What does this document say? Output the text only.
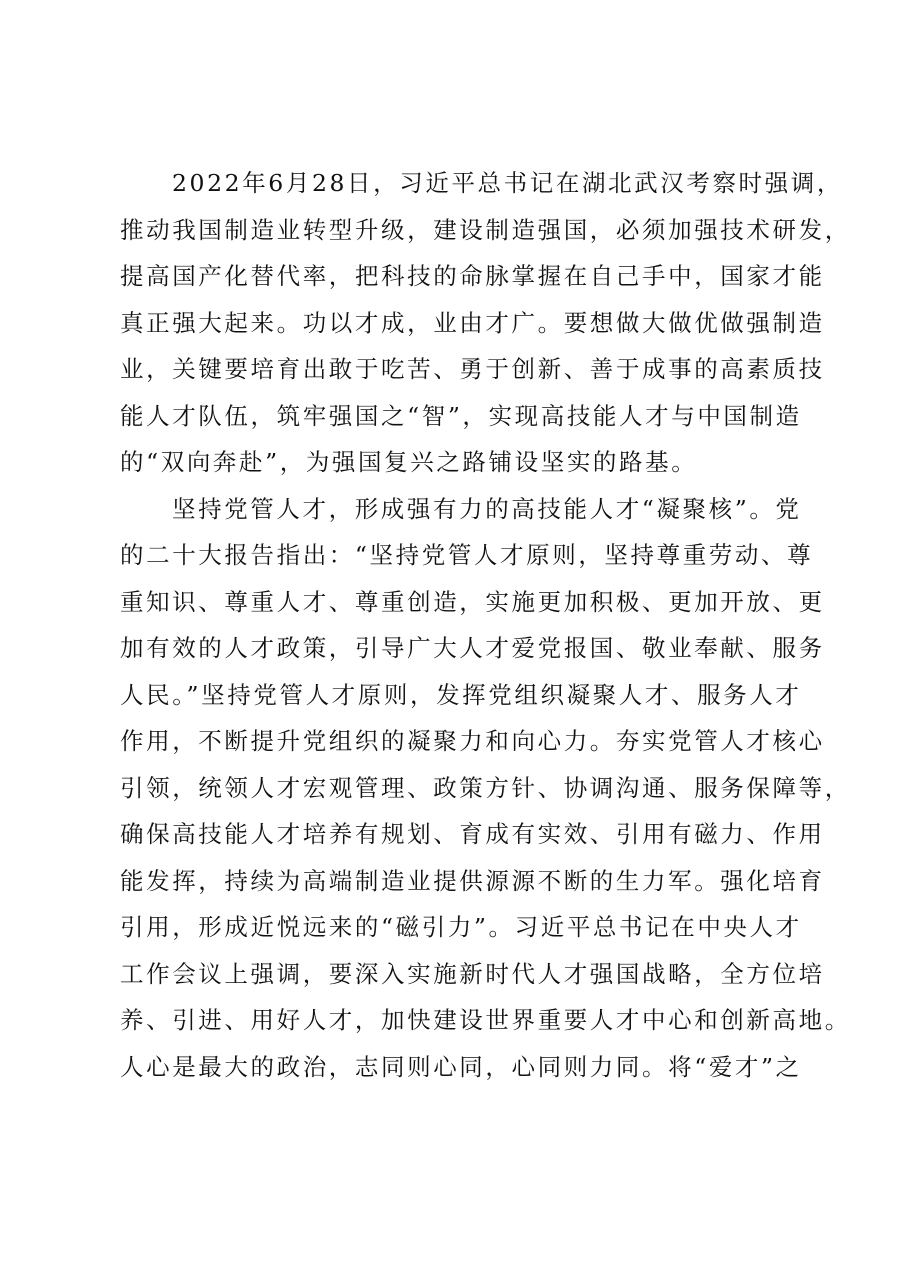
2022年6月28日，习近平总书记在湖北武汉考察时强调，
推动我国制造业转型升级，建设制造强国，必须加强技术研发，
提高国产化替代率，把科技的命脉掌握在自己手中，国家才能
真正强大起来。功以才成，业由才广。要想做大做优做强制造
业，关键要培育出敢于吃苦、勇于创新、善于成事的高素质技
能人才队伍，筑牢强国之“智”，实现高技能人才与中国制造
的“双向奔赴”，为强国复兴之路铺设坚实的路基。
坚持党管人才，形成强有力的高技能人才“凝聚核”。党
的二十大报告指出：“坚持党管人才原则，坚持尊重劳动、尊
重知识、尊重人才、尊重创造，实施更加积极、更加开放、更
加有效的人才政策，引导广大人才爱党报国、敬业奉献、服务
人民。”坚持党管人才原则，发挥党组织凝聚人才、服务人才
作用，不断提升党组织的凝聚力和向心力。夯实党管人才核心
引领，统领人才宏观管理、政策方针、协调沟通、服务保障等，
确保高技能人才培养有规划、育成有实效、引用有磁力、作用
能发挥，持续为高端制造业提供源源不断的生力军。强化培育
引用，形成近悦远来的“磁引力”。习近平总书记在中央人才
工作会议上强调，要深入实施新时代人才强国战略，全方位培
养、引进、用好人才，加快建设世界重要人才中心和创新高地。
人心是最大的政治，志同则心同，心同则力同。将“爱才”之
